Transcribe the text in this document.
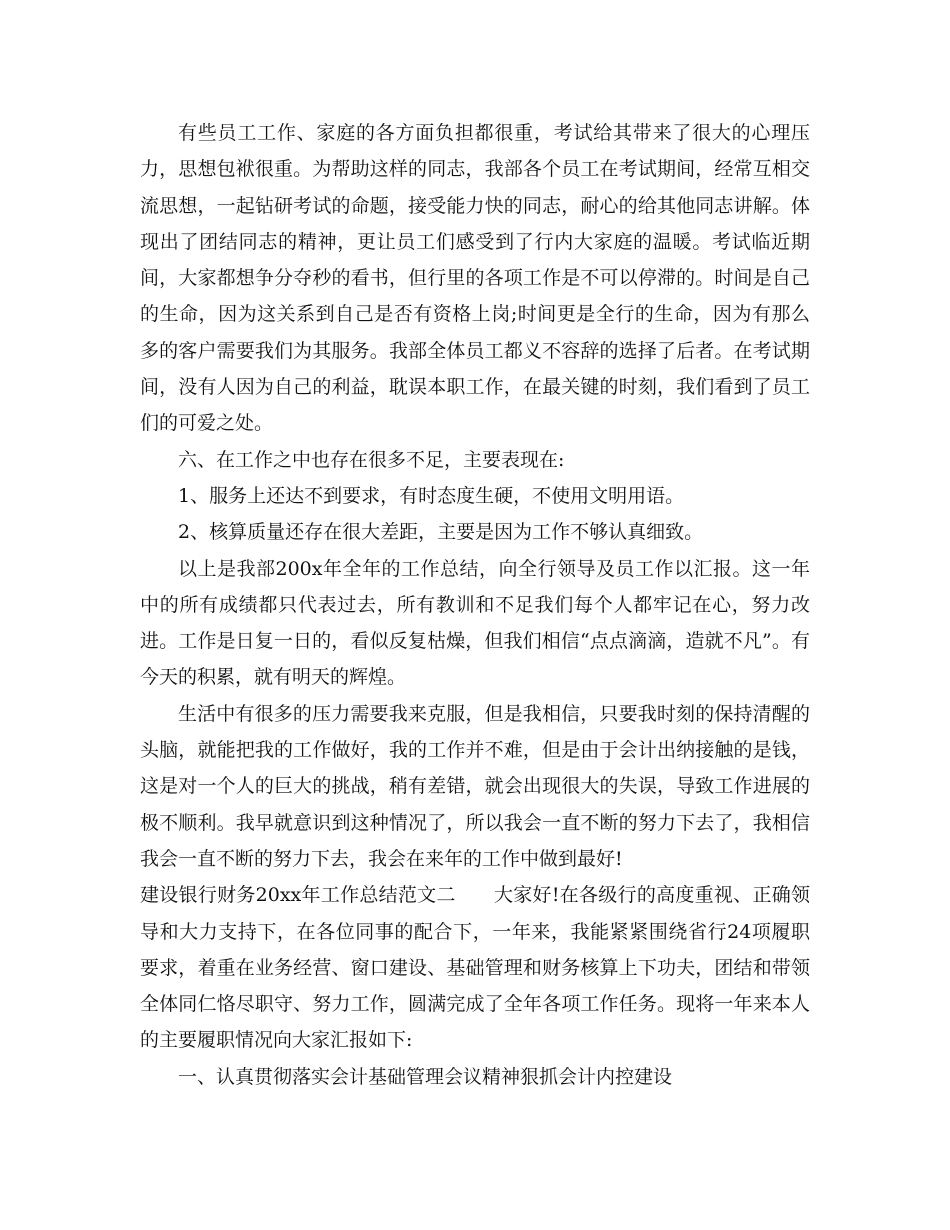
有些员工工作、家庭的各方面负担都很重，考试给其带来了很大的心理压力，思想包袱很重。为帮助这样的同志，我部各个员工在考试期间，经常互相交流思想，一起钻研考试的命题，接受能力快的同志，耐心的给其他同志讲解。体现出了团结同志的精神，更让员工们感受到了行内大家庭的温暖。考试临近期间，大家都想争分夺秒的看书，但行里的各项工作是不可以停滞的。时间是自己的生命，因为这关系到自己是否有资格上岗;时间更是全行的生命，因为有那么多的客户需要我们为其服务。我部全体员工都义不容辞的选择了后者。在考试期间，没有人因为自己的利益，耽误本职工作，在最关键的时刻，我们看到了员工们的可爱之处。

六、在工作之中也存在很多不足，主要表现在:

1、服务上还达不到要求，有时态度生硬，不使用文明用语。

2、核算质量还存在很大差距，主要是因为工作不够认真细致。

以上是我部200x年全年的工作总结，向全行领导及员工作以汇报。这一年中的所有成绩都只代表过去，所有教训和不足我们每个人都牢记在心，努力改进。工作是日复一日的，看似反复枯燥，但我们相信“点点滴滴，造就不凡”。有今天的积累，就有明天的辉煌。

生活中有很多的压力需要我来克服，但是我相信，只要我时刻的保持清醒的头脑，就能把我的工作做好，我的工作并不难，但是由于会计出纳接触的是钱，这是对一个人的巨大的挑战，稍有差错，就会出现很大的失误，导致工作进展的极不顺利。我早就意识到这种情况了，所以我会一直不断的努力下去了，我相信我会一直不断的努力下去，我会在来年的工作中做到最好!

建设银行财务20xx年工作总结范文二 大家好!在各级行的高度重视、正确领导和大力支持下，在各位同事的配合下，一年来，我能紧紧围绕省行24项履职要求，着重在业务经营、窗口建设、基础管理和财务核算上下功夫，团结和带领全体同仁恪尽职守、努力工作，圆满完成了全年各项工作任务。现将一年来本人的主要履职情况向大家汇报如下:

一、认真贯彻落实会计基础管理会议精神狠抓会计内控建设
